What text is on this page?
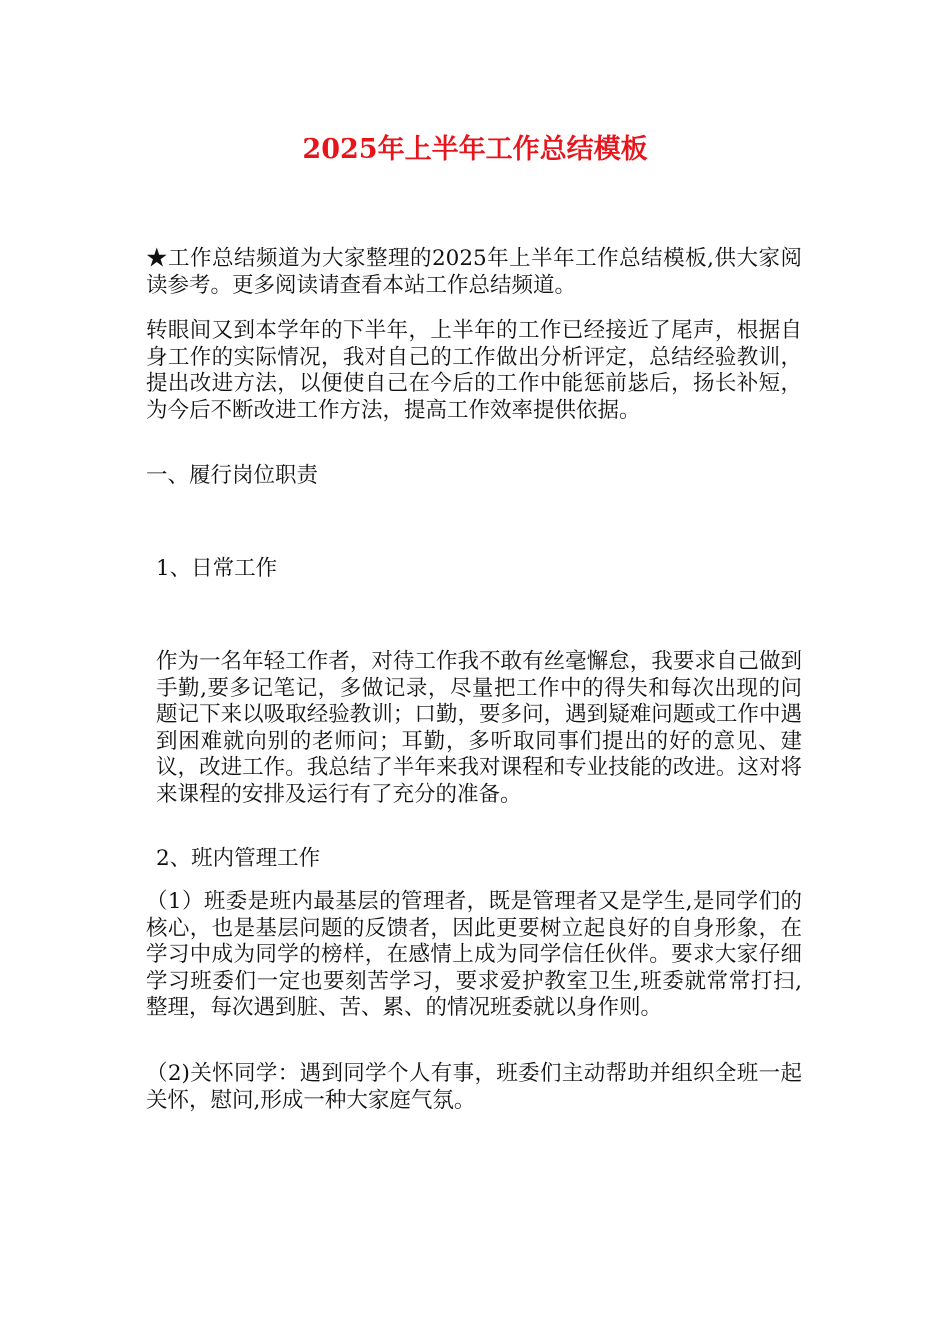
2025年上半年工作总结模板
★工作总结频道为大家整理的2025年上半年工作总结模板,供大家阅读参考。更多阅读请查看本站工作总结频道。
转眼间又到本学年的下半年，上半年的工作已经接近了尾声，根据自身工作的实际情况，我对自己的工作做出分析评定，总结经验教训，提出改进方法，以便使自己在今后的工作中能惩前毖后，扬长补短，为今后不断改进工作方法，提高工作效率提供依据。
一、履行岗位职责
1、日常工作
作为一名年轻工作者，对待工作我不敢有丝毫懈怠，我要求自己做到手勤,要多记笔记，多做记录，尽量把工作中的得失和每次出现的问题记下来以吸取经验教训；口勤，要多问，遇到疑难问题或工作中遇到困难就向别的老师问；耳勤，多听取同事们提出的好的意见、建议，改进工作。我总结了半年来我对课程和专业技能的改进。这对将来课程的安排及运行有了充分的准备。
2、班内管理工作
（1）班委是班内最基层的管理者，既是管理者又是学生,是同学们的核心，也是基层问题的反馈者，因此更要树立起良好的自身形象，在学习中成为同学的榜样，在感情上成为同学信任伙伴。要求大家仔细学习班委们一定也要刻苦学习，要求爱护教室卫生,班委就常常打扫,整理，每次遇到脏、苦、累、的情况班委就以身作则。
（2)关怀同学：遇到同学个人有事，班委们主动帮助并组织全班一起关怀，慰问,形成一种大家庭气氛。
